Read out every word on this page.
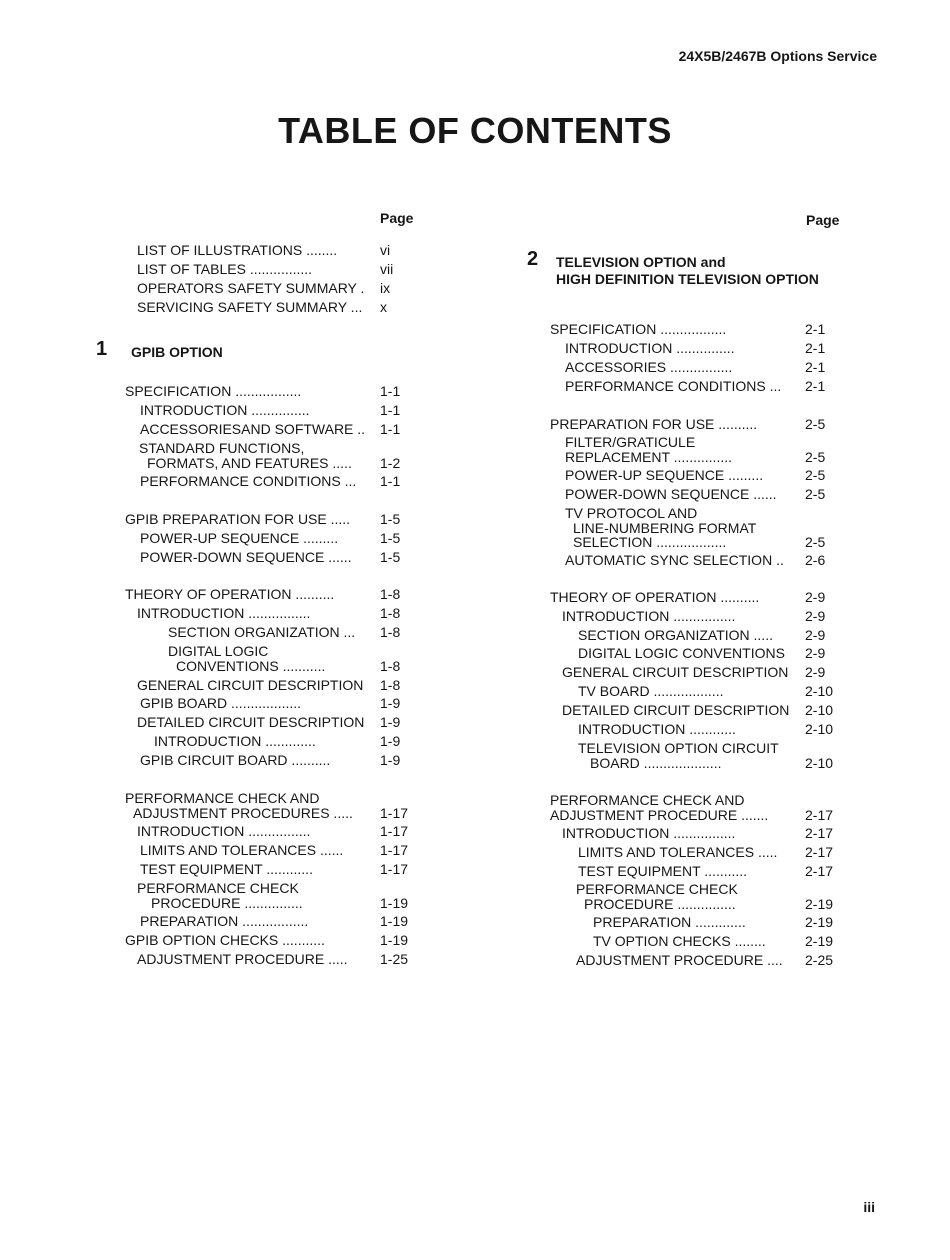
24X5B/2467B Options Service
TABLE OF CONTENTS
Page	Page
1 GPIB OPTION
2 TELEVISION OPTION and
HIGH DEFINITION TELEVISION OPTION
LIST OF ILLUSTRATIONS ........	vi
LIST OF TABLES ................	vii
OPERATORS SAFETY SUMMARY . ix
SERVICING SAFETY SUMMARY ... x
SPECIFICATION .................	1-1
INTRODUCTION ...............	1-1
ACCESSORIESAND SOFTWARE .. 1-1
STANDARD FUNCTIONS,
FORMATS, AND FEATURES ..... 1-2
PERFORMANCE CONDITIONS ... 1-1
GPIB PREPARATION FOR USE ..... 1-5
POWER-UP SEQUENCE .........	1-5
POWER-DOWN SEQUENCE ...... 1-5
THEORY OF OPERATION ..........	1-8
INTRODUCTION ................	1-8
SECTION ORGANIZATION ... 1-8
DIGITAL LOGIC
CONVENTIONS ...........	1-8
GENERAL CIRCUIT DESCRIPTION 1-8
GPIB BOARD ..................	1-9
DETAILED CIRCUIT DESCRIPTION 1-9
INTRODUCTION .............	1-9
GPIB CIRCUIT BOARD ..........	1-9
PERFORMANCE CHECK AND
ADJUSTMENT PROCEDURES ..... 1-17
INTRODUCTION ................	1-17
LIMITS AND TOLERANCES ......	1-17
TEST EQUIPMENT ............	1-17
PERFORMANCE CHECK
PROCEDURE ...............	1-19
PREPARATION .................	1-19
GPIB OPTION CHECKS ...........	1-19
ADJUSTMENT PROCEDURE ..... 1-25
SPECIFICATION .................	2-1
INTRODUCTION ...............	2-1
ACCESSORIES ................	2-1
PERFORMANCE CONDITIONS ... 2-1
PREPARATION FOR USE ..........	2-5
FILTER/GRATICULE
REPLACEMENT ...............	2-5
POWER-UP SEQUENCE .........	2-5
POWER-DOWN SEQUENCE ...... 2-5
TV PROTOCOL AND
LINE-NUMBERING FORMAT
SELECTION ..................	2-5
AUTOMATIC SYNC SELECTION .. 2-6
THEORY OF OPERATION ..........	2-9
INTRODUCTION ................	2-9
SECTION ORGANIZATION ..... 2-9
DIGITAL LOGIC CONVENTIONS 2-9
GENERAL CIRCUIT DESCRIPTION 2-9
TV BOARD ..................	2-10
DETAILED CIRCUIT DESCRIPTION 2-10
INTRODUCTION ............	2-10
TELEVISION OPTION CIRCUIT
BOARD ....................	2-10
PERFORMANCE CHECK AND
ADJUSTMENT PROCEDURE .......	2-17
INTRODUCTION ................	2-17
LIMITS AND TOLERANCES ..... 2-17
TEST EQUIPMENT ...........	2-17
PERFORMANCE CHECK
PROCEDURE ...............	2-19
PREPARATION .............	2-19
TV OPTION CHECKS ........	2-19
ADJUSTMENT PROCEDURE .... 2-25
iii
